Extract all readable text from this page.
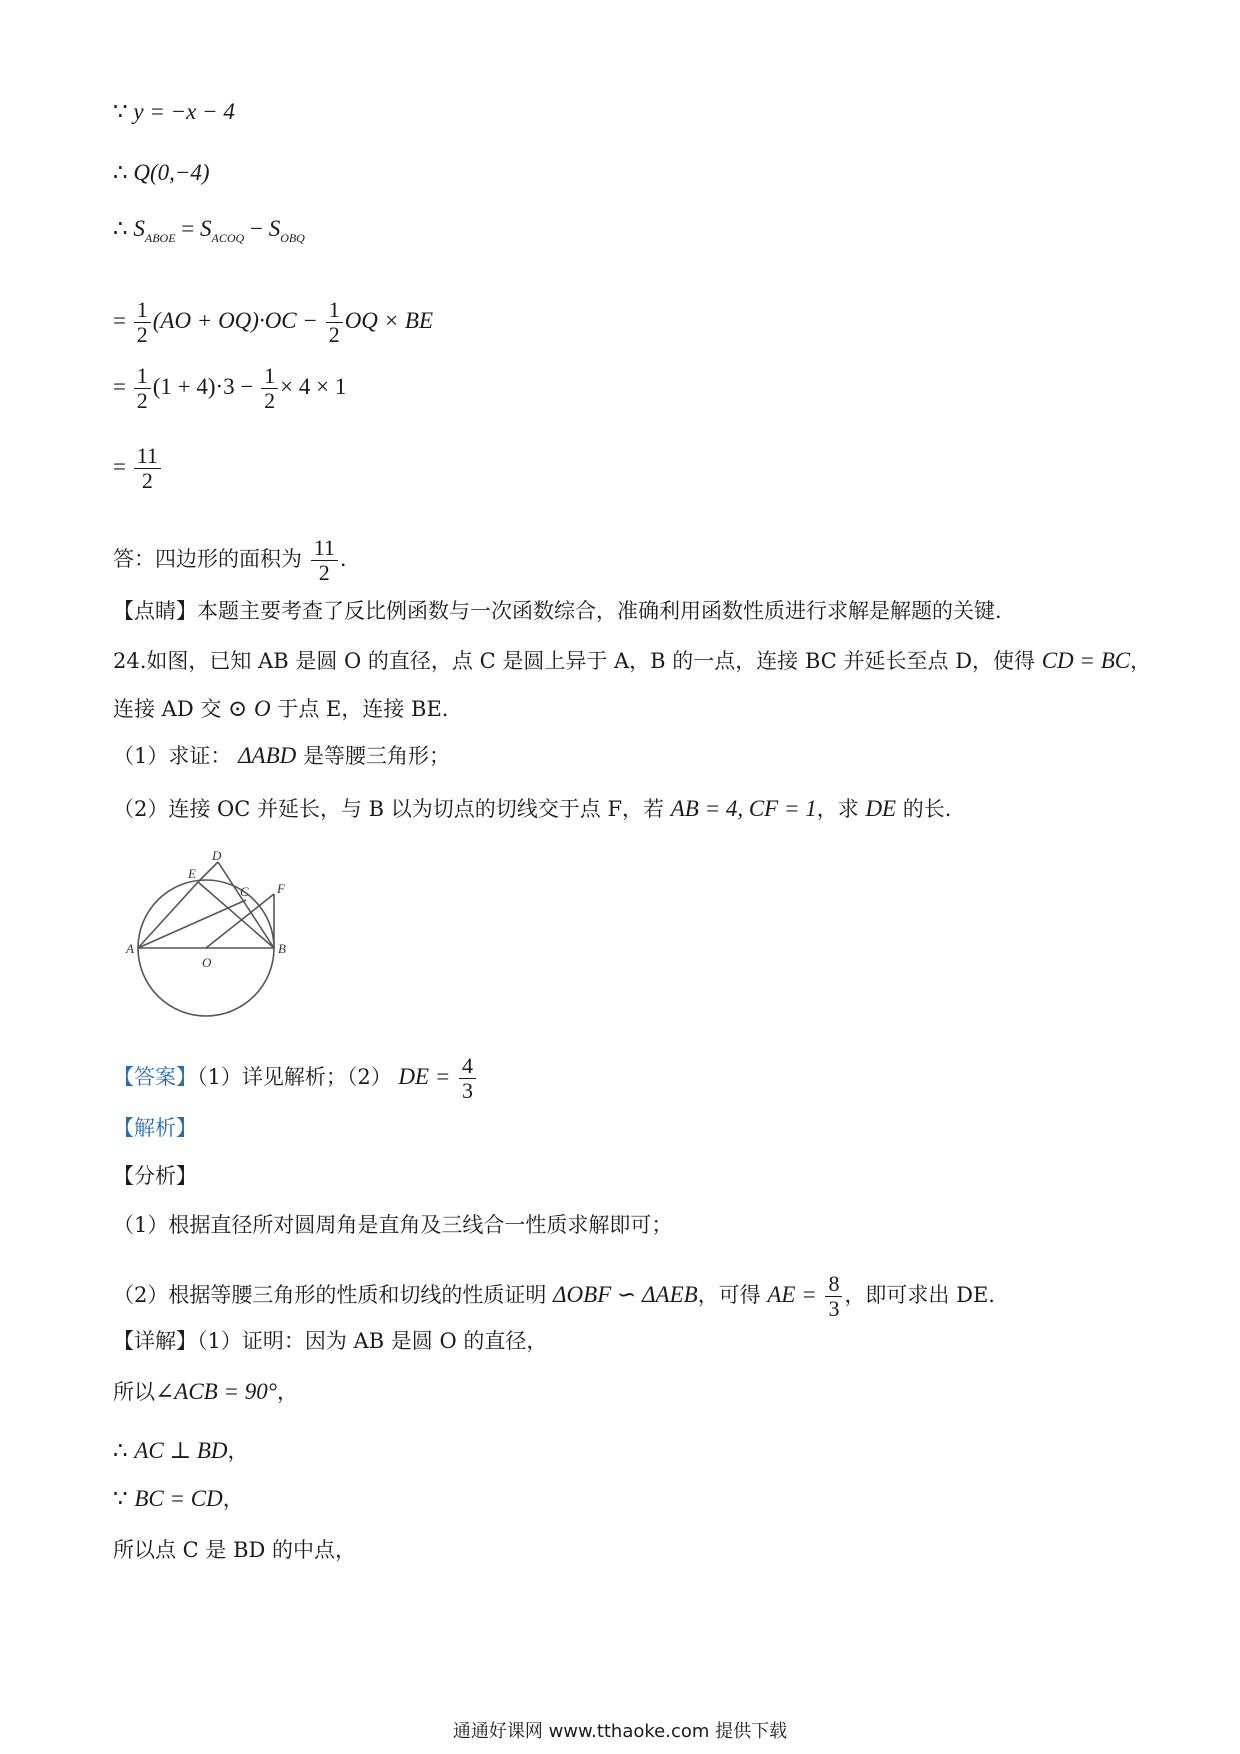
∵ y = −x − 4
∴ Q(0,−4)
∴ $S_{ABOE} = S_{ACOQ} - S_{OBQ}$
= $\frac{1}{2} (AO + OQ)\cdot OC - \frac{1}{2}$ OQ × BE
= $\frac{1}{2} (1 + 4)\cdot 3 - \frac{1}{2} \times 4 \times 1$
= $\frac{11}{2}$
答：四边形的面积为 $\frac{11}{2}$ .
【点睛】本题主要考查了反比例函数与一次函数综合，准确利用函数性质进行求解是解题的关键.
24.如图，已知 AB 是圆 O 的直径，点 C 是圆上异于 A，B 的一点，连接 BC 并延长至点 D，使得 CD = BC，
连接 AD 交 ⊙ O 于点 E，连接 BE.
（1）求证： ΔABD 是等腰三角形；
（2）连接 OC 并延长，与 B 以为切点的切线交于点 F，若 AB = 4, CF = 1，求 DE 的长.
A	B
O
E
D
C F
【答案】（1）详见解析；（2） DE = $\frac{4}{3}$
【解析】
【分析】
（1）根据直径所对圆周角是直角及三线合一性质求解即可；
（2）根据等腰三角形的性质和切线的性质证明 ΔOBF ∽ ΔAEB，可得 AE = $\frac{8}{3}$ ，即可求出 DE.
【详解】（1）证明：因为 AB 是圆 O 的直径，
所以∠ACB = 90°，
∴ AC ⊥ BD，
∵ BC = CD，
所以点 C 是 BD 的中点，
通通好课网 www.tthaoke.com 提供下载
